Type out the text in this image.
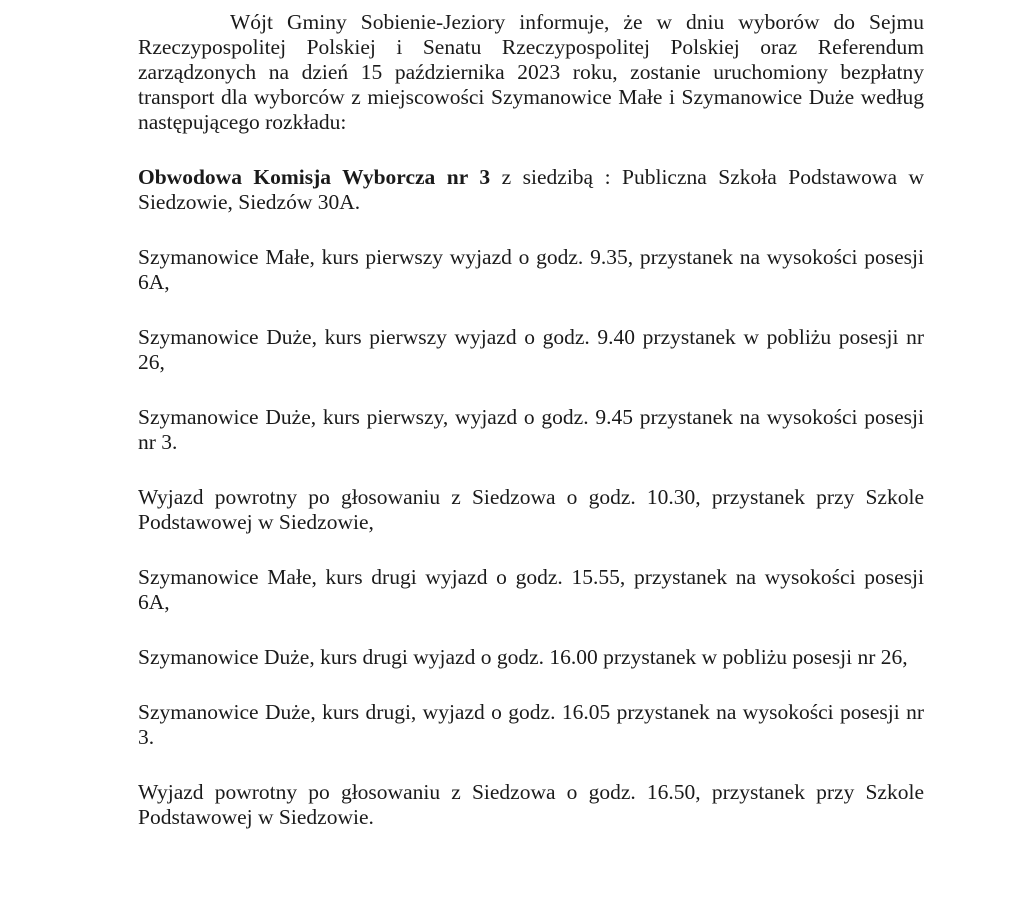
Wójt Gminy Sobienie-Jeziory informuje, że w dniu wyborów do Sejmu Rzeczypospolitej Polskiej i Senatu Rzeczypospolitej Polskiej oraz Referendum zarządzonych na dzień 15 października 2023 roku, zostanie uruchomiony bezpłatny transport dla wyborców z miejscowości Szymanowice Małe i Szymanowice Duże według następującego rozkładu:

Obwodowa Komisja Wyborcza nr 3 z siedzibą : Publiczna Szkoła Podstawowa w Siedzowie, Siedzów 30A.

Szymanowice Małe, kurs pierwszy wyjazd o godz. 9.35, przystanek na wysokości posesji 6A,

Szymanowice Duże, kurs pierwszy wyjazd o godz. 9.40 przystanek w pobliżu posesji nr 26,

Szymanowice Duże, kurs pierwszy, wyjazd o godz. 9.45 przystanek na wysokości posesji nr 3.

Wyjazd powrotny po głosowaniu z Siedzowa o godz. 10.30, przystanek przy Szkole Podstawowej w Siedzowie,

Szymanowice Małe, kurs drugi wyjazd o godz. 15.55, przystanek na wysokości posesji 6A,

Szymanowice Duże, kurs drugi wyjazd o godz. 16.00 przystanek w pobliżu posesji nr 26,

Szymanowice Duże, kurs drugi, wyjazd o godz. 16.05 przystanek na wysokości posesji nr 3.

Wyjazd powrotny po głosowaniu z Siedzowa o godz. 16.50, przystanek przy Szkole Podstawowej w Siedzowie.
